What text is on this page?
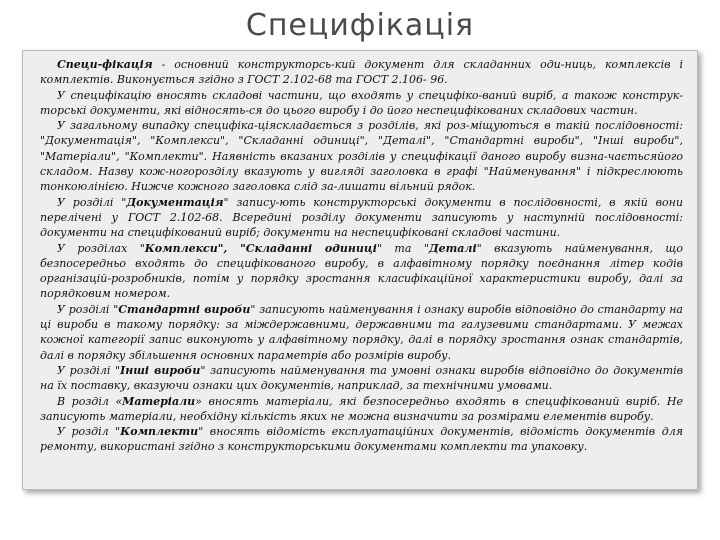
Специфікація

Специ-фікація - основний конструкторсь-кий документ для складанних оди-ниць, комплексів і комплектів. Виконується згідно з ГОСТ 2.102-68 та ГОСТ 2.106- 96.

У специфікацію вносять складові частини, що входять у специфіко-ваний виріб, а також конструк-торські документи, які відносять-ся до цього виробу і до його неспецифікованих складових частин.

У загальному випадку специфіка-ціяскладається з розділів, які роз-міщуються в такій послідовності: "Документація", "Комплекси", "Складанні одиниці", "Деталі", "Стандартні вироби", "Інші вироби", "Матеріали", "Комплекти". Наявність вказаних розділів у специфікації даного виробу визна-чаєтьсяйого складом. Назву кож-ногорозділу вказують у вигляді заголовка в графі "Найменування" і підкреслюють тонкоюлінією. Нижче кожного заголовка слід за-лишати вільний рядок.

У розділі "Документація" запису-ють конструкторські документи в послідовності, в якій вони перелічені у ГОСТ 2.102-68. Всередині розділу документи записують у наступній послідовності: документи на специфікований виріб; документи на неспецифіковані складові частини.

У розділах "Комплекси", "Складанні одиниці" та "Деталі" вказують найменування, що безпосередньо входять до специфікованого виробу, в алфавітному порядку поєднання літер кодів організацій-розробників, потім у порядку зростання класифікаційної характеристики виробу, далі за порядковим номером.

У розділі "Стандартні вироби" записують найменування і ознаку виробів відповідно до стандарту на ці вироби в такому порядку: за міждержавними, державними та галузевими стандартами. У межах кожної категорії запис виконують у алфавітному порядку, далі в порядку зростання ознак стандартів, далі в порядку збільшення основних параметрів або розмірів виробу.

У розділі "Інші вироби" записують найменування та умовні ознаки виробів відповідно до документів на їх поставку, вказуючи ознаки цих документів, наприклад, за технічними умовами.

В розділ «Матеріали» вносять матеріали, які безпосередньо входять в специфікований виріб. Не записують матеріали, необхідну кількість яких не можна визначити за розмірами елементів виробу.

У розділ "Комплекти" вносять відомість експлуатаційних документів, відомість документів для ремонту, використані згідно з конструкторськими документами комплекти та упаковку.
